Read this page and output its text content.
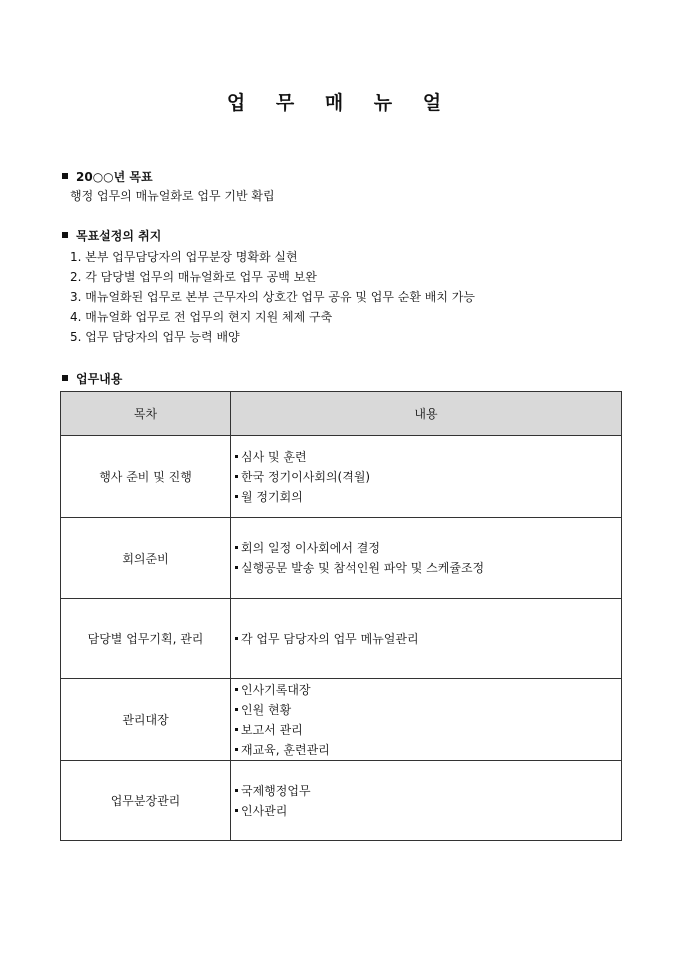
업 무 매 뉴 얼
20○○년 목표
행정 업무의 매뉴얼화로 업무 기반 확립
목표설정의 취지
1. 본부 업무담당자의 업무분장 명확화 실현
2. 각 담당별 업무의 매뉴얼화로 업무 공백 보완
3. 매뉴얼화된 업무로 본부 근무자의 상호간 업무 공유 및 업무 순환 배치 가능
4. 매뉴얼화 업무로 전 업무의 현지 지원 체제 구축
5. 업무 담당자의 업무 능력 배양
업무내용
목차	내용
행사 준비 및 진행	심사 및 훈련
한국 정기이사회의(격월)
월 정기회의

회의준비	회의 일정 이사회에서 결정
실행공문 발송 및 참석인원 파악 및 스케쥴조정

담당별 업무기획, 관리	각 업무 담당자의 업무 메뉴얼관리

관리대장	인사기록대장
인원 현황
보고서 관리
재교육, 훈련관리

업무분장관리	국제행정업무
인사관리
